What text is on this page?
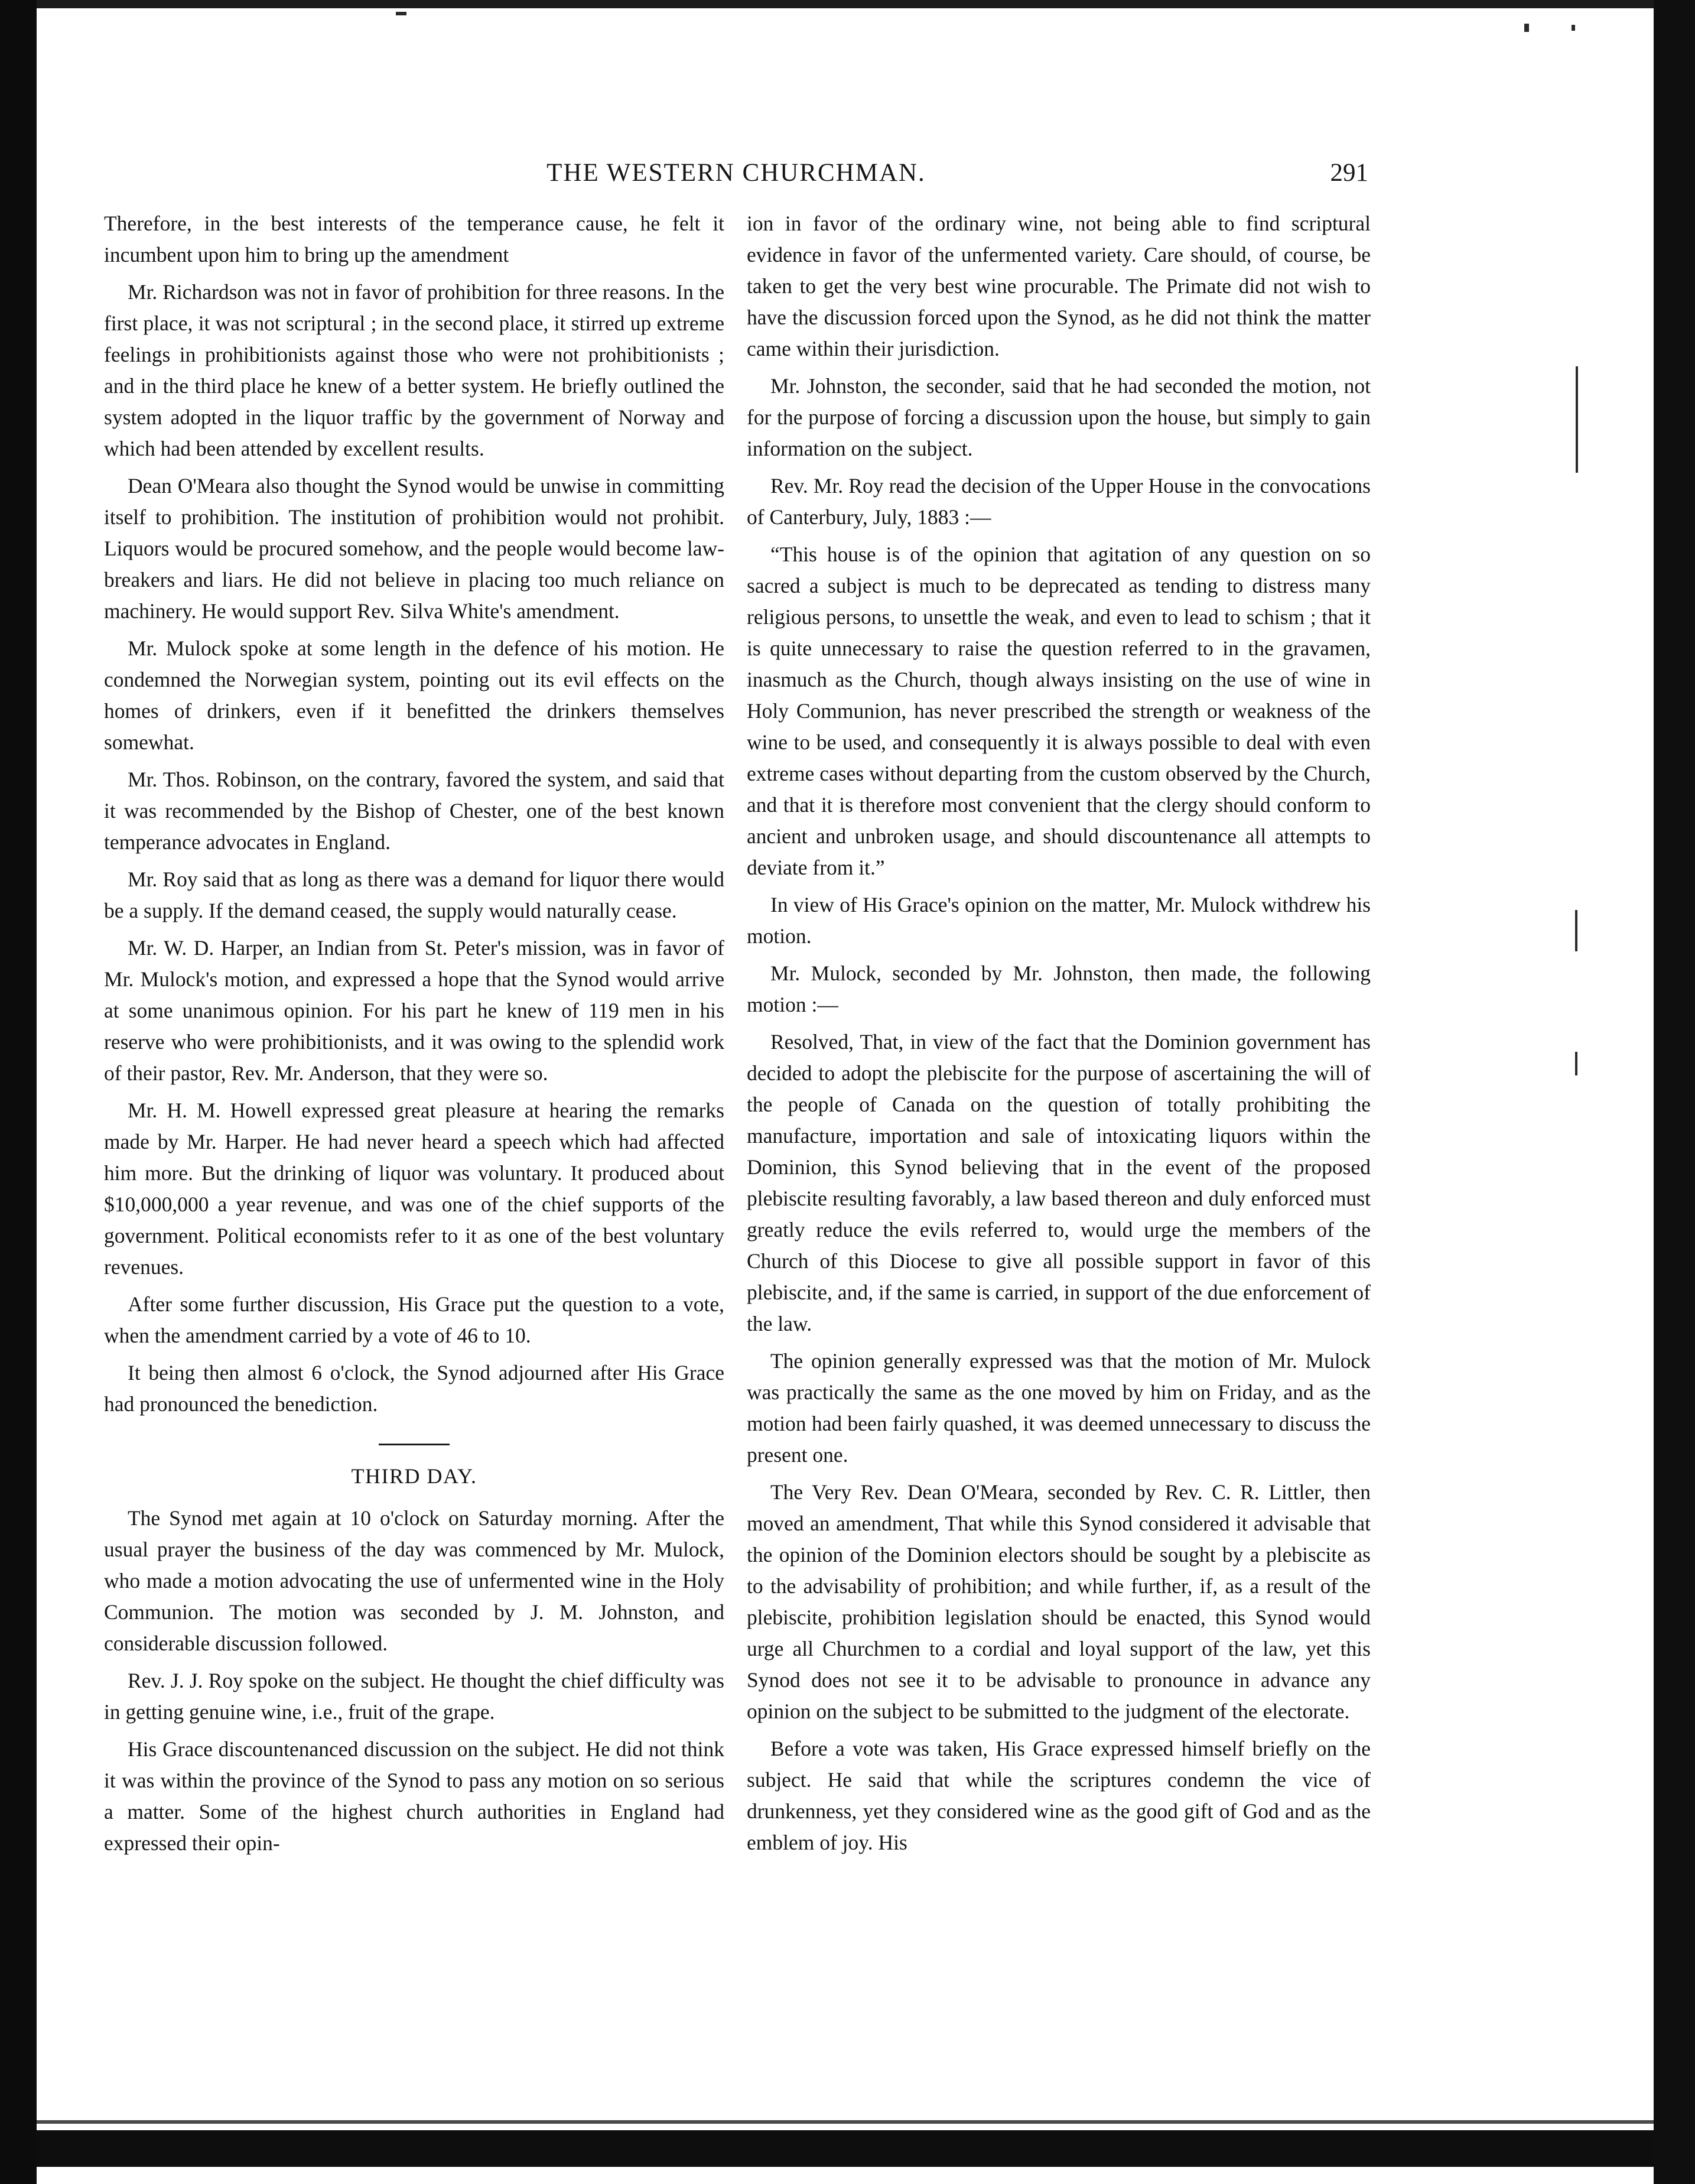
THE WESTERN CHURCHMAN.	291

Therefore, in the best interests of the temperance cause, he felt it incumbent upon him to bring up the amendment

Mr. Richardson was not in favor of prohibition for three reasons. In the first place, it was not scriptural ; in the second place, it stirred up extreme feelings in prohibitionists against those who were not prohibitionists ; and in the third place he knew of a better system. He briefly outlined the system adopted in the liquor traffic by the government of Norway and which had been attended by excellent results.

Dean O'Meara also thought the Synod would be unwise in committing itself to prohibition. The institution of prohibition would not prohibit. Liquors would be procured somehow, and the people would become law-breakers and liars. He did not believe in placing too much reliance on machinery. He would support Rev. Silva White's amendment.

Mr. Mulock spoke at some length in the defence of his motion. He condemned the Norwegian system, pointing out its evil effects on the homes of drinkers, even if it benefitted the drinkers themselves somewhat.

Mr. Thos. Robinson, on the contrary, favored the system, and said that it was recommended by the Bishop of Chester, one of the best known temperance advocates in England.

Mr. Roy said that as long as there was a demand for liquor there would be a supply. If the demand ceased, the supply would naturally cease.

Mr. W. D. Harper, an Indian from St. Peter's mission, was in favor of Mr. Mulock's motion, and expressed a hope that the Synod would arrive at some unanimous opinion. For his part he knew of 119 men in his reserve who were prohibitionists, and it was owing to the splendid work of their pastor, Rev. Mr. Anderson, that they were so.

Mr. H. M. Howell expressed great pleasure at hearing the remarks made by Mr. Harper. He had never heard a speech which had affected him more. But the drinking of liquor was voluntary. It produced about $10,000,000 a year revenue, and was one of the chief supports of the government. Political economists refer to it as one of the best voluntary revenues.

After some further discussion, His Grace put the question to a vote, when the amendment carried by a vote of 46 to 10.

It being then almost 6 o'clock, the Synod adjourned after His Grace had pronounced the benediction.

THIRD DAY.

The Synod met again at 10 o'clock on Saturday morning. After the usual prayer the business of the day was commenced by Mr. Mulock, who made a motion advocating the use of unfermented wine in the Holy Communion. The motion was seconded by J. M. Johnston, and considerable discussion followed.

Rev. J. J. Roy spoke on the subject. He thought the chief difficulty was in getting genuine wine, i.e., fruit of the grape.

His Grace discountenanced discussion on the subject. He did not think it was within the province of the Synod to pass any motion on so serious a matter. Some of the highest church authorities in England had expressed their opin-

ion in favor of the ordinary wine, not being able to find scriptural evidence in favor of the unfermented variety. Care should, of course, be taken to get the very best wine procurable. The Primate did not wish to have the discussion forced upon the Synod, as he did not think the matter came within their jurisdiction.

Mr. Johnston, the seconder, said that he had seconded the motion, not for the purpose of forcing a discussion upon the house, but simply to gain information on the subject.

Rev. Mr. Roy read the decision of the Upper House in the convocations of Canterbury, July, 1883 :—

“This house is of the opinion that agitation of any question on so sacred a subject is much to be deprecated as tending to distress many religious persons, to unsettle the weak, and even to lead to schism ; that it is quite unnecessary to raise the question referred to in the gravamen, inasmuch as the Church, though always insisting on the use of wine in Holy Communion, has never prescribed the strength or weakness of the wine to be used, and consequently it is always possible to deal with even extreme cases without departing from the custom observed by the Church, and that it is therefore most convenient that the clergy should conform to ancient and unbroken usage, and should discountenance all attempts to deviate from it.”

In view of His Grace's opinion on the matter, Mr. Mulock withdrew his motion.

Mr. Mulock, seconded by Mr. Johnston, then made, the following motion :—

Resolved, That, in view of the fact that the Dominion government has decided to adopt the plebiscite for the purpose of ascertaining the will of the people of Canada on the question of totally prohibiting the manufacture, importation and sale of intoxicating liquors within the Dominion, this Synod believing that in the event of the proposed plebiscite resulting favorably, a law based thereon and duly enforced must greatly reduce the evils referred to, would urge the members of the Church of this Diocese to give all possible support in favor of this plebiscite, and, if the same is carried, in support of the due enforcement of the law.

The opinion generally expressed was that the motion of Mr. Mulock was practically the same as the one moved by him on Friday, and as the motion had been fairly quashed, it was deemed unnecessary to discuss the present one.

The Very Rev. Dean O'Meara, seconded by Rev. C. R. Littler, then moved an amendment, That while this Synod considered it advisable that the opinion of the Dominion electors should be sought by a plebiscite as to the advisability of prohibition; and while further, if, as a result of the plebiscite, prohibition legislation should be enacted, this Synod would urge all Churchmen to a cordial and loyal support of the law, yet this Synod does not see it to be advisable to pronounce in advance any opinion on the subject to be submitted to the judgment of the electorate.

Before a vote was taken, His Grace expressed himself briefly on the subject. He said that while the scriptures condemn the vice of drunkenness, yet they considered wine as the good gift of God and as the emblem of joy. His
